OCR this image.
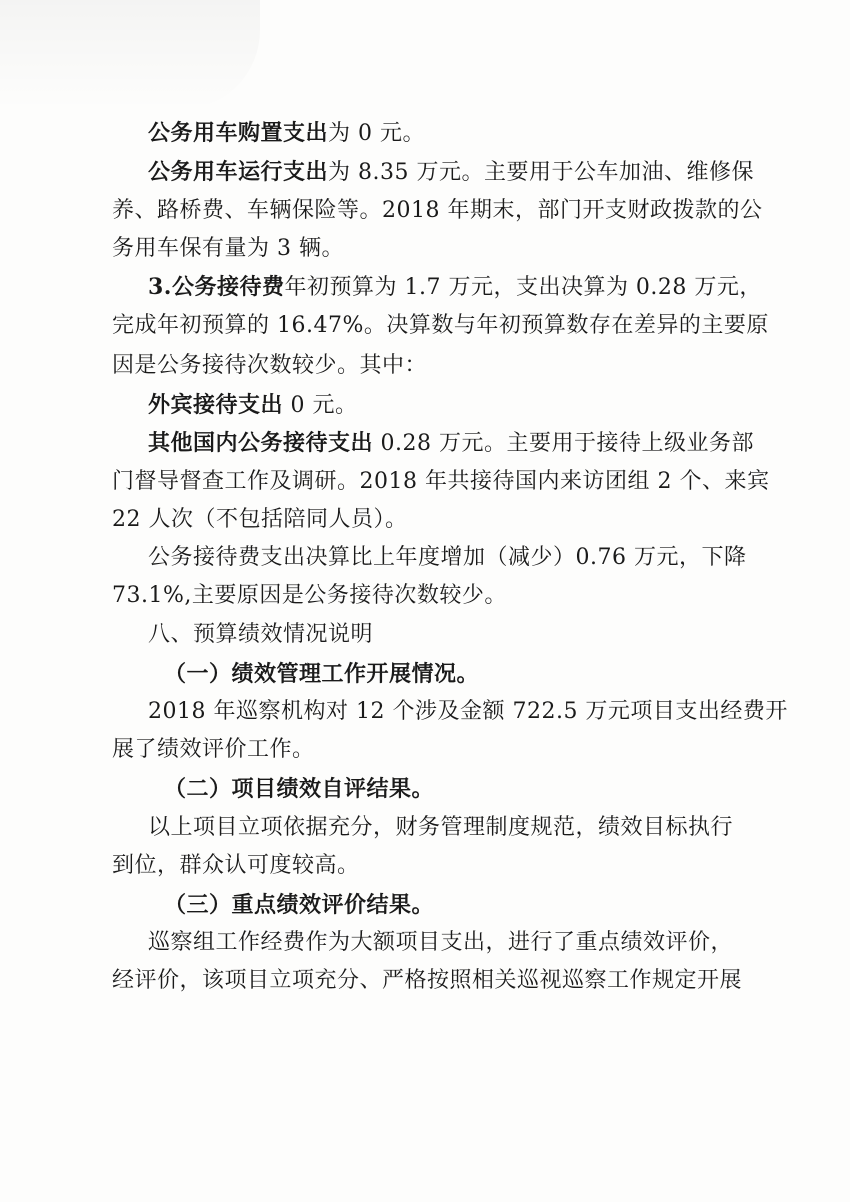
公务用车购置支出为 0 元。
公务用车运行支出为 8.35 万元。主要用于公车加油、维修保
养、路桥费、车辆保险等。2018 年期末，部门开支财政拨款的公
务用车保有量为 3 辆。
3.公务接待费年初预算为 1.7 万元，支出决算为 0.28 万元，
完成年初预算的 16.47%。决算数与年初预算数存在差异的主要原
因是公务接待次数较少。其中：
外宾接待支出 0 元。
其他国内公务接待支出 0.28 万元。主要用于接待上级业务部
门督导督查工作及调研。2018 年共接待国内来访团组 2 个、来宾
22 人次（不包括陪同人员）。
公务接待费支出决算比上年度增加（减少）0.76 万元，下降
73.1%,主要原因是公务接待次数较少。
八、预算绩效情况说明
（一）绩效管理工作开展情况。
2018 年巡察机构对 12 个涉及金额 722.5 万元项目支出经费开
展了绩效评价工作。
（二）项目绩效自评结果。
以上项目立项依据充分，财务管理制度规范，绩效目标执行
到位，群众认可度较高。
（三）重点绩效评价结果。
巡察组工作经费作为大额项目支出，进行了重点绩效评价，
经评价，该项目立项充分、严格按照相关巡视巡察工作规定开展
